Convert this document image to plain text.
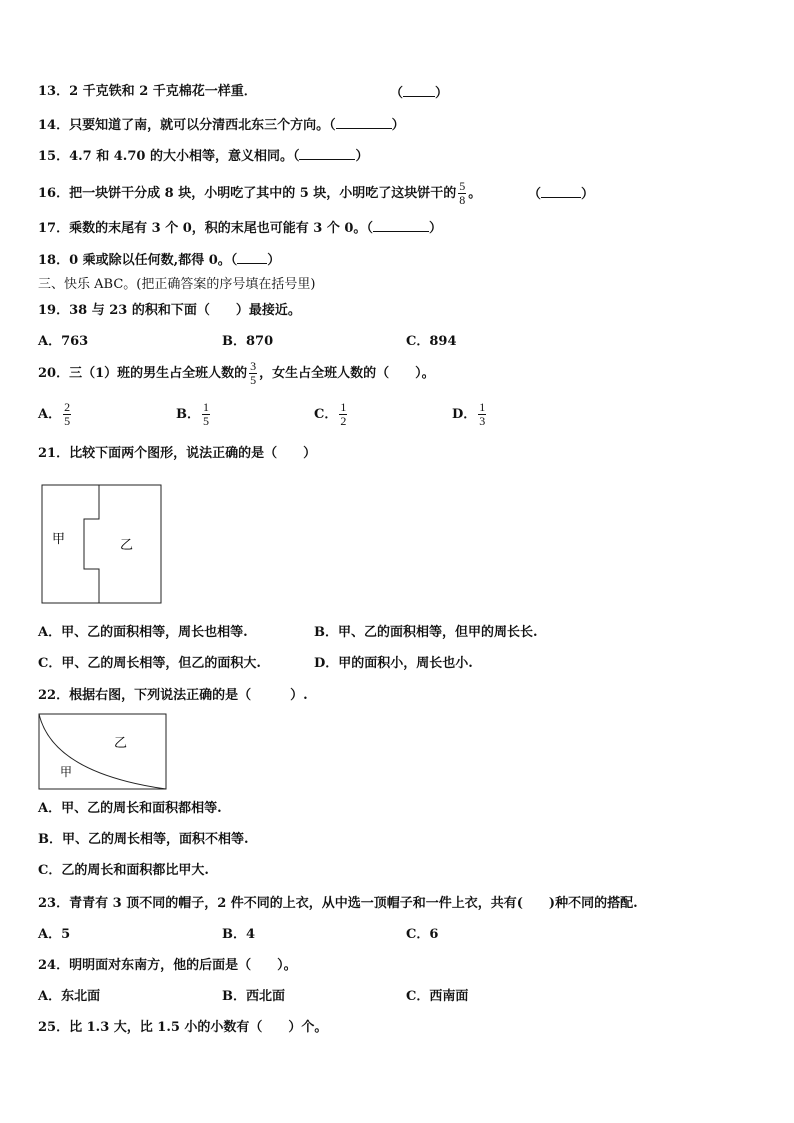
13．2 千克铁和 2 千克棉花一样重．	（ ）
14．只要知道了南，就可以分清西北东三个方向。（	）
15．4.7 和 4.70 的大小相等，意义相同。（	）
16．把一块饼干分成 8 块，小明吃了其中的 5 块，小明吃了这块饼干的 $\frac{5}{8}$ 。	（	）
17．乘数的末尾有 3 个 0，积的末尾也可能有 3 个 0。（	）
18．0 乘或除以任何数,都得 0。（ ）
三、快乐 ABC。(把正确答案的序号填在括号里)
19．38 与 23 的积和下面（　　）最接近。
A．763	B．870	C．894
20．三（1）班的男生占全班人数的 $\frac{3}{5}$ ，女生占全班人数的（　　）。
A． $\frac{2}{5}$	B． $\frac{1}{5}$	C． $\frac{1}{2}$	D． $\frac{1}{3}$
21．比较下面两个图形，说法正确的是（　　）
甲	乙
A．甲、乙的面积相等，周长也相等.	B．甲、乙的面积相等，但甲的周长长.
C．甲、乙的周长相等，但乙的面积大.	D．甲的面积小，周长也小.
22．根据右图，下列说法正确的是（　　　）.
乙
甲
A．甲、乙的周长和面积都相等.
B．甲、乙的周长相等，面积不相等.
C．乙的周长和面积都比甲大.
23．青青有 3 顶不同的帽子，2 件不同的上衣，从中选一顶帽子和一件上衣，共有(　　)种不同的搭配.
A．5	B．4	C．6
24．明明面对东南方，他的后面是（　　）。
A．东北面	B．西北面	C．西南面
25．比 1.3 大，比 1.5 小的小数有（　　）个。
